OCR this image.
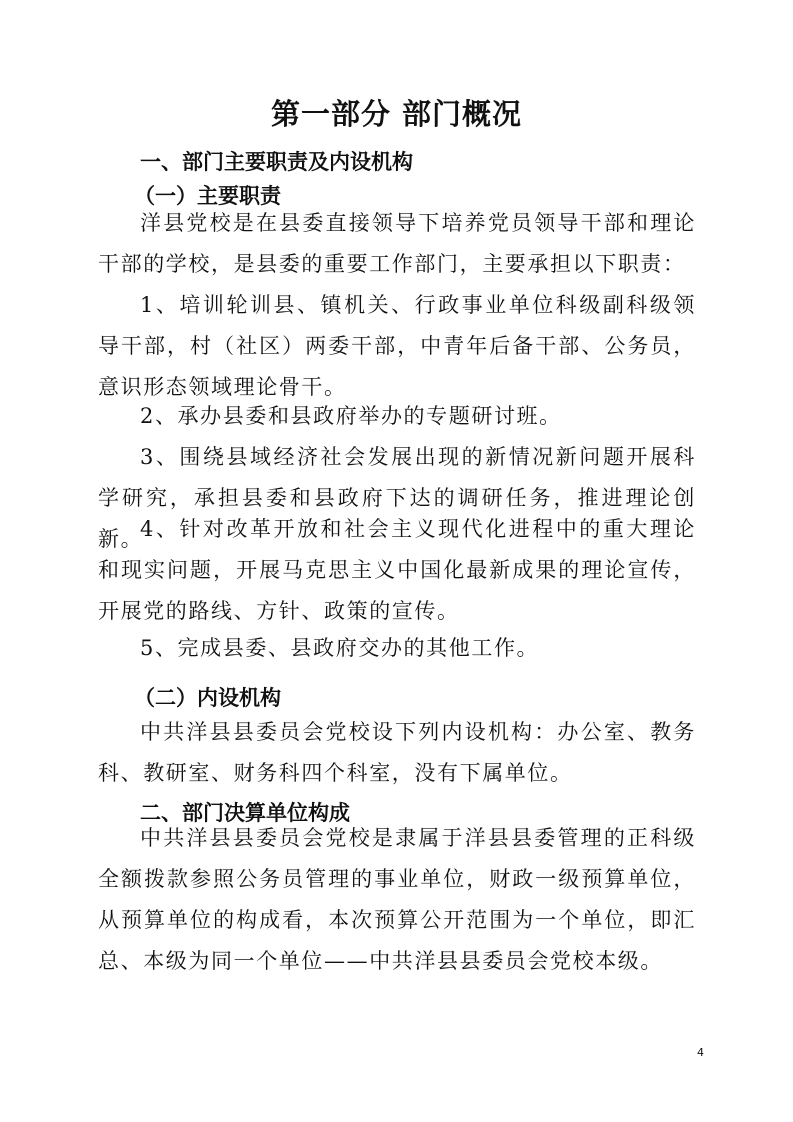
第一部分 部门概况
一、部门主要职责及内设机构
（一）主要职责

洋县党校是在县委直接领导下培养党员领导干部和理论干部的学校，是县委的重要工作部门，主要承担以下职责：

1、培训轮训县、镇机关、行政事业单位科级副科级领导干部，村（社区）两委干部，中青年后备干部、公务员，意识形态领域理论骨干。

2、承办县委和县政府举办的专题研讨班。

3、围绕县域经济社会发展出现的新情况新问题开展科学研究，承担县委和县政府下达的调研任务，推进理论创新。

4、针对改革开放和社会主义现代化进程中的重大理论和现实问题，开展马克思主义中国化最新成果的理论宣传，开展党的路线、方针、政策的宣传。

5、完成县委、县政府交办的其他工作。

（二）内设机构

中共洋县县委员会党校设下列内设机构：办公室、教务科、教研室、财务科四个科室，没有下属单位。

二、部门决算单位构成

中共洋县县委员会党校是隶属于洋县县委管理的正科级全额拨款参照公务员管理的事业单位，财政一级预算单位，从预算单位的构成看，本次预算公开范围为一个单位，即汇总、本级为同一个单位——中共洋县县委员会党校本级。

4
